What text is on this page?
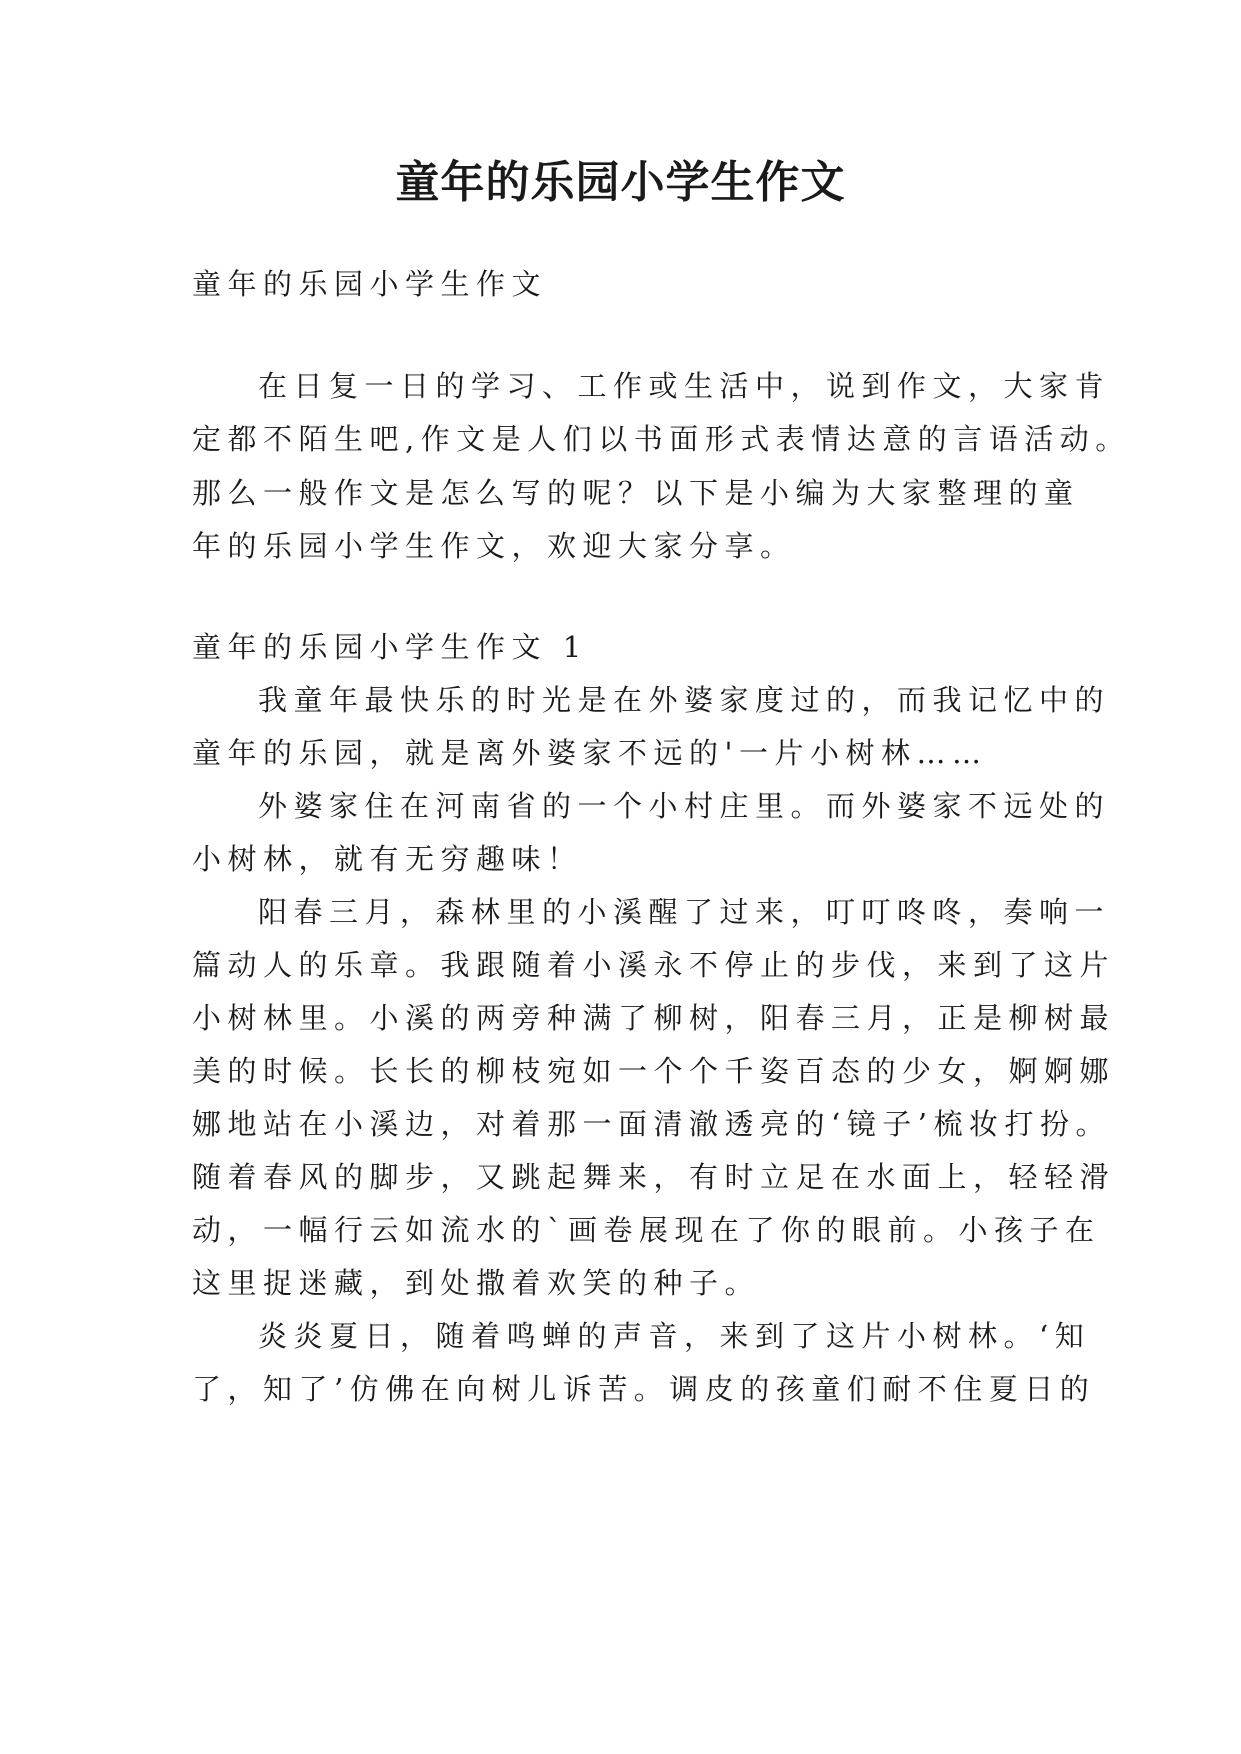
童年的乐园小学生作文

童年的乐园小学生作文

在日复一日的学习、工作或生活中，说到作文，大家肯

定都不陌生吧,作文是人们以书面形式表情达意的言语活动。

那么一般作文是怎么写的呢？以下是小编为大家整理的童

年的乐园小学生作文，欢迎大家分享。

童年的乐园小学生作文 1

我童年最快乐的时光是在外婆家度过的，而我记忆中的

童年的乐园，就是离外婆家不远的'一片小树林……

外婆家住在河南省的一个小村庄里。而外婆家不远处的

小树林，就有无穷趣味！

阳春三月，森林里的小溪醒了过来，叮叮咚咚，奏响一

篇动人的乐章。我跟随着小溪永不停止的步伐，来到了这片

小树林里。小溪的两旁种满了柳树，阳春三月，正是柳树最

美的时候。长长的柳枝宛如一个个千姿百态的少女，婀婀娜

娜地站在小溪边，对着那一面清澈透亮的‘镜子’梳妆打扮。

随着春风的脚步，又跳起舞来，有时立足在水面上，轻轻滑

动，一幅行云如流水的`画卷展现在了你的眼前。小孩子在

这里捉迷藏，到处撒着欢笑的种子。

炎炎夏日，随着鸣蝉的声音，来到了这片小树林。‘知

了，知了’仿佛在向树儿诉苦。调皮的孩童们耐不住夏日的
